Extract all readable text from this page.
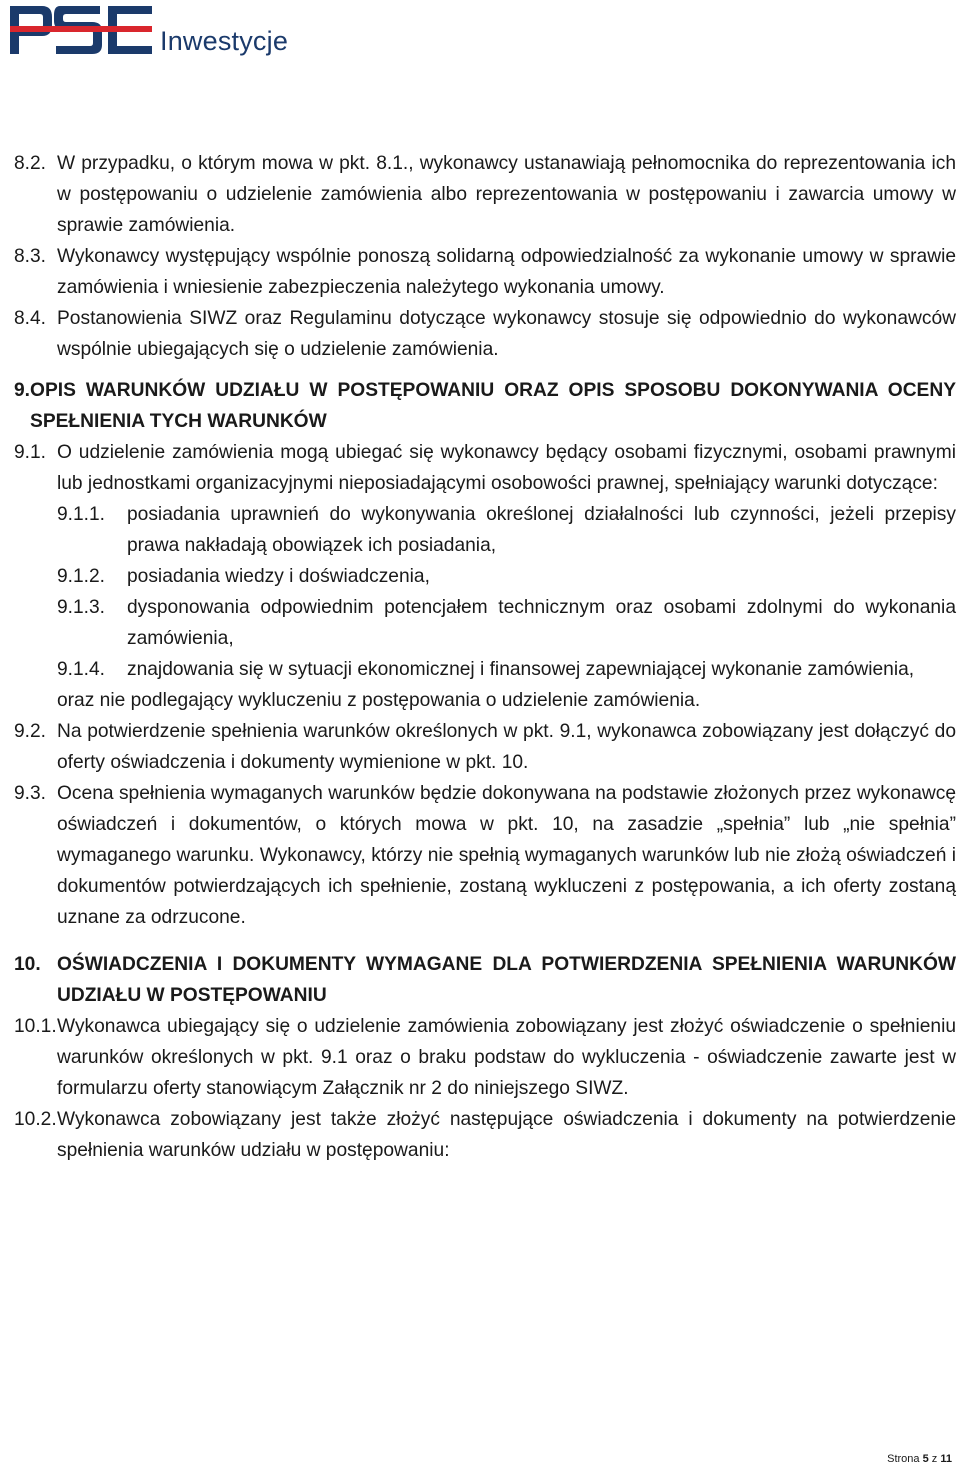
Inwestycje
8.2. W przypadku, o którym mowa w pkt. 8.1., wykonawcy ustanawiają pełnomocnika do reprezentowania ich w postępowaniu o udzielenie zamówienia albo reprezentowania w postępowaniu i zawarcia umowy w sprawie zamówienia.
8.3. Wykonawcy występujący wspólnie ponoszą solidarną odpowiedzialność za wykonanie umowy w sprawie zamówienia i wniesienie zabezpieczenia należytego wykonania umowy.
8.4. Postanowienia SIWZ oraz Regulaminu dotyczące wykonawcy stosuje się odpowiednio do wykonawców wspólnie ubiegających się o udzielenie zamówienia.
9. OPIS WARUNKÓW UDZIAŁU W POSTĘPOWANIU ORAZ OPIS SPOSOBU DOKONYWANIA OCENY SPEŁNIENIA TYCH WARUNKÓW
9.1. O udzielenie zamówienia mogą ubiegać się wykonawcy będący osobami fizycznymi, osobami prawnymi lub jednostkami organizacyjnymi nieposiadającymi osobowości prawnej, spełniający warunki dotyczące:
9.1.1.	posiadania uprawnień do wykonywania określonej działalności lub czynności, jeżeli przepisy prawa nakładają obowiązek ich posiadania,
9.1.2.	posiadania wiedzy i doświadczenia,
9.1.3.	dysponowania odpowiednim potencjałem technicznym oraz osobami zdolnymi do wykonania zamówienia,
9.1.4.	znajdowania się w sytuacji ekonomicznej i finansowej zapewniającej wykonanie zamówienia,
oraz nie podlegający wykluczeniu z postępowania o udzielenie zamówienia.
9.2. Na potwierdzenie spełnienia warunków określonych w pkt. 9.1, wykonawca zobowiązany jest dołączyć do oferty oświadczenia i dokumenty wymienione w pkt. 10.
9.3. Ocena spełnienia wymaganych warunków będzie dokonywana na podstawie złożonych przez wykonawcę oświadczeń i dokumentów, o których mowa w pkt. 10, na zasadzie „spełnia” lub „nie spełnia” wymaganego warunku. Wykonawcy, którzy nie spełnią wymaganych warunków lub nie złożą oświadczeń i dokumentów potwierdzających ich spełnienie, zostaną wykluczeni z postępowania, a ich oferty zostaną uznane za odrzucone.
10. OŚWIADCZENIA I DOKUMENTY WYMAGANE DLA POTWIERDZENIA SPEŁNIENIA WARUNKÓW UDZIAŁU W POSTĘPOWANIU
10.1. Wykonawca ubiegający się o udzielenie zamówienia zobowiązany jest złożyć oświadczenie o spełnieniu warunków określonych w pkt. 9.1 oraz o braku podstaw do wykluczenia - oświadczenie zawarte jest w formularzu oferty stanowiącym Załącznik nr 2 do niniejszego SIWZ.
10.2. Wykonawca zobowiązany jest także złożyć następujące oświadczenia i dokumenty na potwierdzenie spełnienia warunków udziału w postępowaniu:
Strona 5 z 11
